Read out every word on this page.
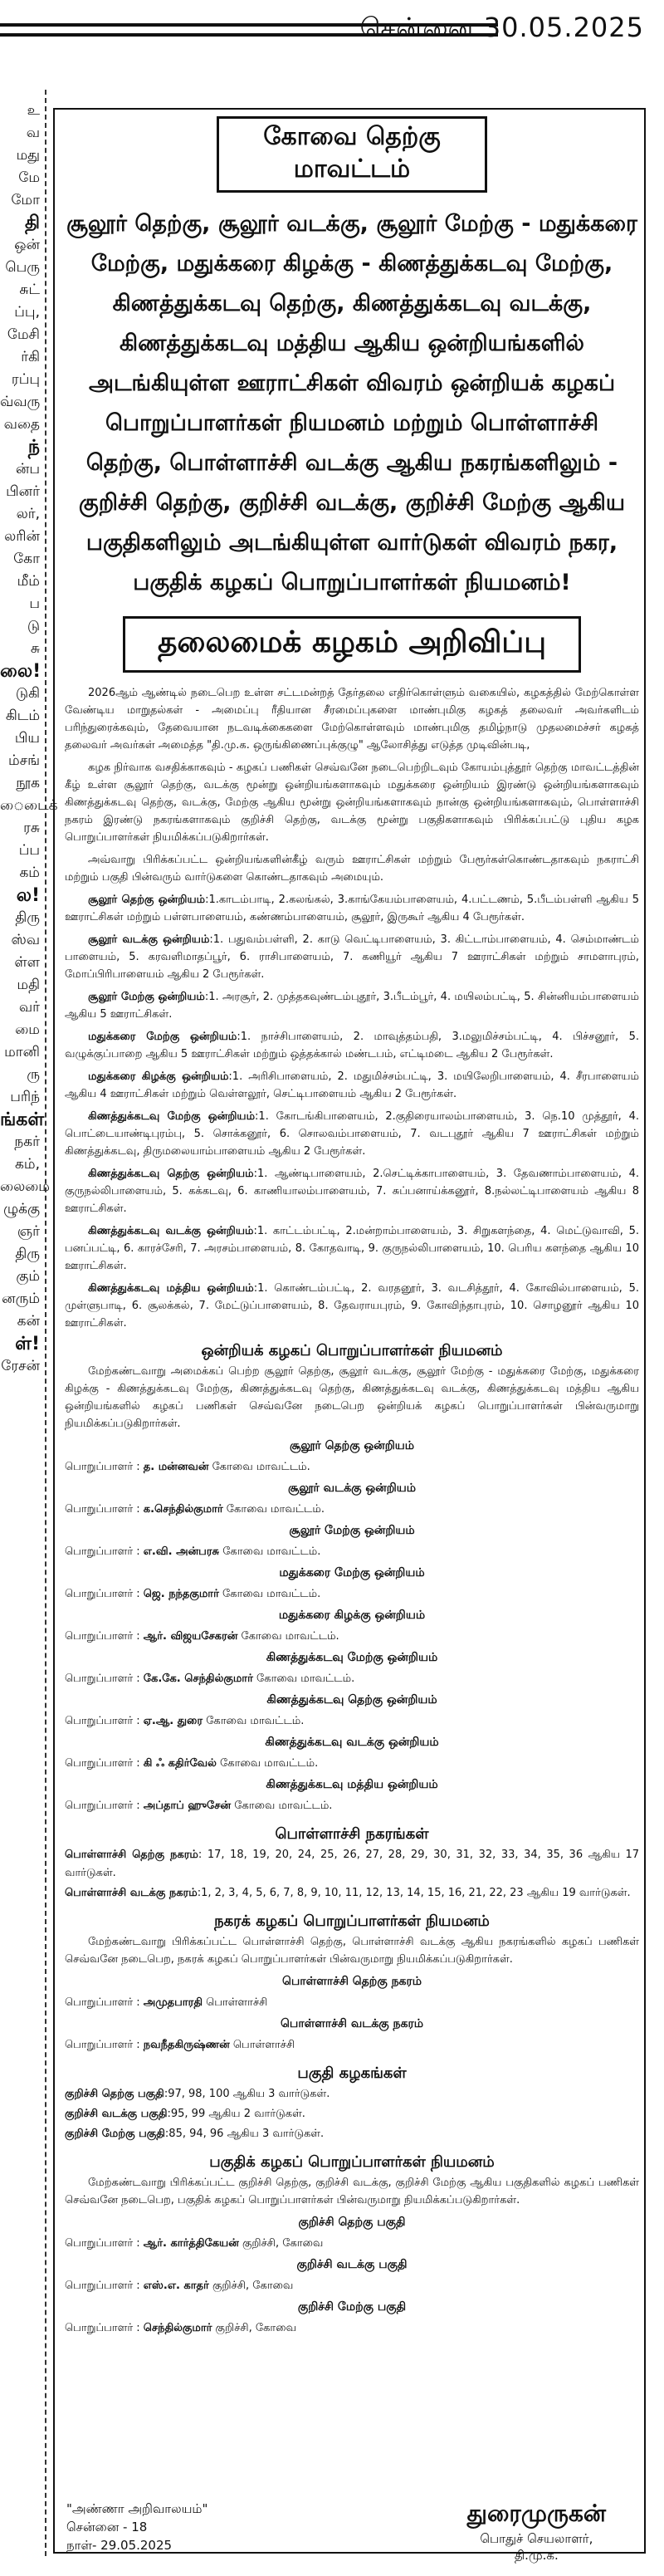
சென்னை 30.05.2025
உ
வ
மது
மே
மோ
தி
ஒன்
பெரு
சுட்
ப்பு,
மேசி
ர்கி
ரப்பு
வ்வரு
வதை
ந்
ன்ப
பினர்
லர்,
லரின்
கோ
மீம்
ப
டு
சு
லை!
டுகி
கிடம்
பிய
ம்சங்
நூக
ைடைக்
ரசு
ப்ப
கம்
ல!
திரு
ஸ்வ
ள்ள
மதி
வர்
மை
மானி
ரு
பரிந்
ங்கள்
நகர்
கம்,
லைமை
ழுக்கு
ஞர்
திரு
கும்
னரும்
கன்
ள்!
ரேசன்
கோவை தெற்கு மாவட்டம்
சூலூர் தெற்கு, சூலூர் வடக்கு, சூலூர் மேற்கு - மதுக்கரை மேற்கு, மதுக்கரை கிழக்கு - கிணத்துக்கடவு மேற்கு, கிணத்துக்கடவு தெற்கு, கிணத்துக்கடவு வடக்கு, கிணத்துக்கடவு மத்திய ஆகிய ஒன்றியங்களில் அடங்கியுள்ள ஊராட்சிகள் விவரம் ஒன்றியக் கழகப் பொறுப்பாளர்கள் நியமனம் மற்றும் பொள்ளாச்சி தெற்கு, பொள்ளாச்சி வடக்கு ஆகிய நகரங்களிலும் - குறிச்சி தெற்கு, குறிச்சி வடக்கு, குறிச்சி மேற்கு ஆகிய பகுதிகளிலும் அடங்கியுள்ள வார்டுகள் விவரம் நகர, பகுதிக் கழகப் பொறுப்பாளர்கள் நியமனம்!
தலைமைக் கழகம் அறிவிப்பு

2026ஆம் ஆண்டில் நடைபெற உள்ள சட்டமன்றத் தேர்தலை எதிர்கொள்ளும் வகையில், கழகத்தில் மேற்கொள்ள வேண்டிய மாறுதல்கள் - அமைப்பு ரீதியான சீரமைப்புகளை மாண்புமிகு கழகத் தலைவர் அவர்களிடம் பரிந்துரைக்கவும், தேவையான நடவடிக்கைகளை மேற்கொள்ளவும் மாண்புமிகு தமிழ்நாடு முதலமைச்சர் கழகத் தலைவர் அவர்கள் அமைத்த "தி.மு.க. ஒருங்கிணைப்புக்குழு" ஆலோசித்து எடுத்த முடிவின்படி,

கழக நிர்வாக வசதிக்காகவும் - கழகப் பணிகள் செவ்வனே நடைபெற்றிடவும் கோயம்புத்தூர் தெற்கு மாவட்டத்தின் கீழ் உள்ள சூலூர் தெற்கு, வடக்கு மூன்று ஒன்றியங்களாகவும் மதுக்கரை ஒன்றியம் இரண்டு ஒன்றியங்களாகவும் கிணத்துக்கடவு தெற்கு, வடக்கு, மேற்கு ஆகிய மூன்று ஒன்றியங்களாகவும் நான்கு ஒன்றியங்களாகவும், பொள்ளாச்சி நகரம் இரண்டு நகரங்களாகவும் குறிச்சி தெற்கு, வடக்கு மூன்று பகுதிகளாகவும் பிரிக்கப்பட்டு புதிய கழக பொறுப்பாளர்கள் நியமிக்கப்படுகிறார்கள்.

அவ்வாறு பிரிக்கப்பட்ட ஒன்றியங்களின்கீழ் வரும் ஊராட்சிகள் மற்றும் பேரூர்கள்கொண்டதாகவும் நகராட்சி மற்றும் பகுதி பின்வரும் வார்டுகளை கொண்டதாகவும் அமையும்.

சூலூர் தெற்கு ஒன்றியம்:1.காடம்பாடி, 2.கலங்கல், 3.காங்கேயம்பாளையம், 4.பட்டணம், 5.பீடம்பள்ளி ஆகிய 5 ஊராட்சிகள் மற்றும் பள்ளபாளையம், கண்ணம்பாளையம், சூலூர், இருகூர் ஆகிய 4 பேரூர்கள்.

சூலூர் வடக்கு ஒன்றியம்:1. பதுவம்பள்ளி, 2. காடு வெட்டிபாளையம், 3. கிட்டாம்பாளையம், 4. செம்மாண்டம் பாளையம், 5. கரவளிமாதப்பூர், 6. ராசிபாளையம், 7. கணியூர் ஆகிய 7 ஊராட்சிகள் மற்றும் சாமளாபுரம், மோப்பிரிபாளையம் ஆகிய 2 பேரூர்கள்.

சூலூர் மேற்கு ஒன்றியம்:1. அரசூர், 2. முத்தகவுண்டம்புதூர், 3.பீடம்பூர், 4. மயிலம்பட்டி, 5. சின்னியம்பாளையம் ஆகிய 5 ஊராட்சிகள்.

மதுக்கரை மேற்கு ஒன்றியம்:1. நாச்சிபாளையம், 2. மாவுத்தம்பதி, 3.மலுமிச்சம்பட்டி, 4. பிச்சனூர், 5. வழுக்குப்பாறை ஆகிய 5 ஊராட்சிகள் மற்றும் ஒத்தக்கால் மண்டபம், எட்டிமடை ஆகிய 2 பேரூர்கள்.

மதுக்கரை கிழக்கு ஒன்றியம்:1. அரிசிபாளையம், 2. மதுமிச்சம்பட்டி, 3. மயிலேறிபாளையம், 4. சீரபாளையம் ஆகிய 4 ஊராட்சிகள் மற்றும் வெள்ளலூர், செட்டிபாளையம் ஆகிய 2 பேரூர்கள்.

கிணத்துக்கடவு மேற்கு ஒன்றியம்:1. கோடங்கிபாளையம், 2.குதிரையாலம்பாளையம், 3. நெ.10 முத்தூர், 4. பொட்டையாண்டிபுரம்பு, 5. சொக்கனூர், 6. சொலவம்பாளையம், 7. வடபுதூர் ஆகிய 7 ஊராட்சிகள் மற்றும் கிணத்துக்கடவு, திருமலையாம்பாளையம் ஆகிய 2 பேரூர்கள்.

கிணத்துக்கடவு தெற்கு ஒன்றியம்:1. ஆண்டிபாளையம், 2.செட்டிக்காபாளையம், 3. தேவணாம்பாளையம், 4. குருநல்லிபாளையம், 5. கக்கடவு, 6. காணியாலம்பாளையம், 7. சுப்பனாய்க்கனூர், 8.நல்லட்டிபாளையம் ஆகிய 8 ஊராட்சிகள்.

கிணத்துக்கடவு வடக்கு ஒன்றியம்:1. காட்டம்பட்டி, 2.மன்றாம்பாளையம், 3. சிறுகளந்தை, 4. மெட்டுவாவி, 5. பனப்பட்டி, 6. காரச்சேரி, 7. அரசம்பாளையம், 8. கோதவாடி, 9. குருநல்லிபாளையம், 10. பெரிய களந்தை ஆகிய 10 ஊராட்சிகள்.

கிணத்துக்கடவு மத்திய ஒன்றியம்:1. கொண்டம்பட்டி, 2. வரதனூர், 3. வடசித்தூர், 4. கோவில்பாளையம், 5. முள்ளுபாடி, 6. சூலக்கல், 7. மேட்டுப்பாளையம், 8. தேவராயபுரம், 9. கோவிந்தாபுரம், 10. சொழனூர் ஆகிய 10 ஊராட்சிகள்.

ஒன்றியக் கழகப் பொறுப்பாளர்கள் நியமனம்

மேற்கண்டவாறு அமைக்கப் பெற்ற சூலூர் தெற்கு, சூலூர் வடக்கு, சூலூர் மேற்கு - மதுக்கரை மேற்கு, மதுக்கரை கிழக்கு - கிணத்துக்கடவு மேற்கு, கிணத்துக்கடவு தெற்கு, கிணத்துக்கடவு வடக்கு, கிணத்துக்கடவு மத்திய ஆகிய ஒன்றியங்களில் கழகப் பணிகள் செவ்வனே நடைபெற ஒன்றியக் கழகப் பொறுப்பாளர்கள் பின்வருமாறு நியமிக்கப்படுகிறார்கள்.

சூலூர் தெற்கு ஒன்றியம்
பொறுப்பாளர் : த. மன்னவன் கோவை மாவட்டம்.
சூலூர் வடக்கு ஒன்றியம்
பொறுப்பாளர் : க.செந்தில்குமார் கோவை மாவட்டம்.
சூலூர் மேற்கு ஒன்றியம்
பொறுப்பாளர் : எ.வி. அன்பரசு கோவை மாவட்டம்.
மதுக்கரை மேற்கு ஒன்றியம்
பொறுப்பாளர் : ஜெ. நந்தகுமார் கோவை மாவட்டம்.
மதுக்கரை கிழக்கு ஒன்றியம்
பொறுப்பாளர் : ஆர். விஜயசேகரன் கோவை மாவட்டம்.
கிணத்துக்கடவு மேற்கு ஒன்றியம்
பொறுப்பாளர் : கே.கே. செந்தில்குமார் கோவை மாவட்டம்.
கிணத்துக்கடவு தெற்கு ஒன்றியம்
பொறுப்பாளர் : ஏ.ஆ. துரை கோவை மாவட்டம்.
கிணத்துக்கடவு வடக்கு ஒன்றியம்
பொறுப்பாளர் : கி ஃ கதிர்வேல் கோவை மாவட்டம்.
கிணத்துக்கடவு மத்திய ஒன்றியம்
பொறுப்பாளர் : அப்தாப் ஹுசேன் கோவை மாவட்டம்.
பொள்ளாச்சி நகரங்கள்

பொள்ளாச்சி தெற்கு நகரம்: 17, 18, 19, 20, 24, 25, 26, 27, 28, 29, 30, 31, 32, 33, 34, 35, 36 ஆகிய 17 வார்டுகள்.

பொள்ளாச்சி வடக்கு நகரம்:1, 2, 3, 4, 5, 6, 7, 8, 9, 10, 11, 12, 13, 14, 15, 16, 21, 22, 23 ஆகிய 19 வார்டுகள்.

நகரக் கழகப் பொறுப்பாளர்கள் நியமனம்

மேற்கண்டவாறு பிரிக்கப்பட்ட பொள்ளாச்சி தெற்கு, பொள்ளாச்சி வடக்கு ஆகிய நகரங்களில் கழகப் பணிகள் செவ்வனே நடைபெற, நகரக் கழகப் பொறுப்பாளர்கள் பின்வருமாறு நியமிக்கப்படுகிறார்கள்.

பொள்ளாச்சி தெற்கு நகரம்
பொறுப்பாளர் : அமுதபாரதி பொள்ளாச்சி
பொள்ளாச்சி வடக்கு நகரம்
பொறுப்பாளர் : நவநீதகிருஷ்ணன் பொள்ளாச்சி
பகுதி கழகங்கள்

குறிச்சி தெற்கு பகுதி:97, 98, 100 ஆகிய 3 வார்டுகள்.

குறிச்சி வடக்கு பகுதி:95, 99 ஆகிய 2 வார்டுகள்.

குறிச்சி மேற்கு பகுதி:85, 94, 96 ஆகிய 3 வார்டுகள்.

பகுதிக் கழகப் பொறுப்பாளர்கள் நியமனம்

மேற்கண்டவாறு பிரிக்கப்பட்ட குறிச்சி தெற்கு, குறிச்சி வடக்கு, குறிச்சி மேற்கு ஆகிய பகுதிகளில் கழகப் பணிகள் செவ்வனே நடைபெற, பகுதிக் கழகப் பொறுப்பாளர்கள் பின்வருமாறு நியமிக்கப்படுகிறார்கள்.

குறிச்சி தெற்கு பகுதி
பொறுப்பாளர் : ஆர். கார்த்திகேயன் குறிச்சி, கோவை
குறிச்சி வடக்கு பகுதி
பொறுப்பாளர் : எஸ்.எ. காதர் குறிச்சி, கோவை
குறிச்சி மேற்கு பகுதி
பொறுப்பாளர் : செந்தில்குமார் குறிச்சி, கோவை
"அண்ணா அறிவாலயம்"
சென்னை - 18
நாள்- 29.05.2025
துரைமுருகன்
பொதுச் செயலாளர்,
தி.மு.க.
